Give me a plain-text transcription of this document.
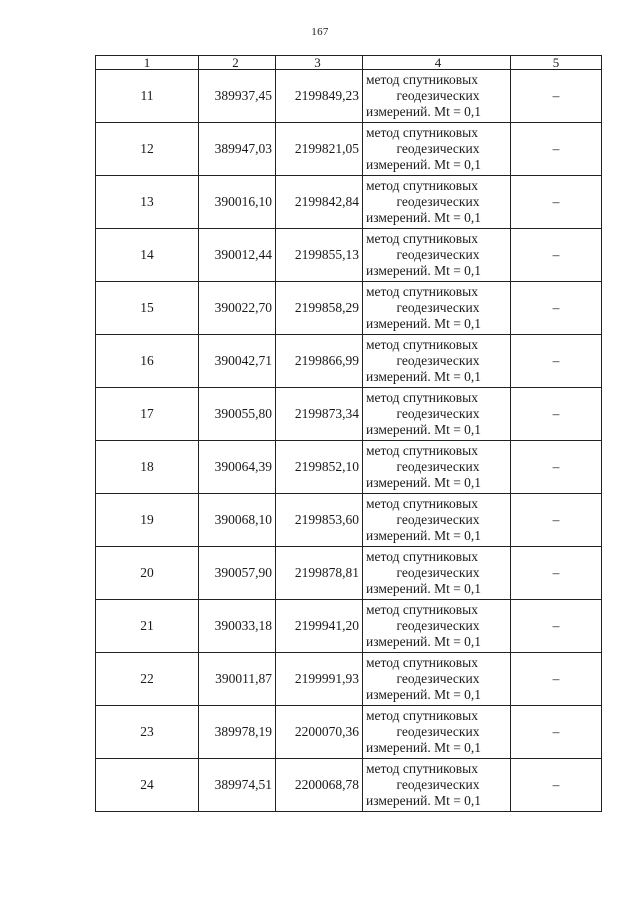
167
1	2	3	4	5
11	389937,45	2199849,23	метод спутниковых
геодезических
измерений. Mt = 0,1	–
12	389947,03	2199821,05	метод спутниковых
геодезических
измерений. Mt = 0,1	–
13	390016,10	2199842,84	метод спутниковых
геодезических
измерений. Mt = 0,1	–
14	390012,44	2199855,13	метод спутниковых
геодезических
измерений. Mt = 0,1	–
15	390022,70	2199858,29	метод спутниковых
геодезических
измерений. Mt = 0,1	–
16	390042,71	2199866,99	метод спутниковых
геодезических
измерений. Mt = 0,1	–
17	390055,80	2199873,34	метод спутниковых
геодезических
измерений. Mt = 0,1	–
18	390064,39	2199852,10	метод спутниковых
геодезических
измерений. Mt = 0,1	–
19	390068,10	2199853,60	метод спутниковых
геодезических
измерений. Mt = 0,1	–
20	390057,90	2199878,81	метод спутниковых
геодезических
измерений. Mt = 0,1	–
21	390033,18	2199941,20	метод спутниковых
геодезических
измерений. Mt = 0,1	–
22	390011,87	2199991,93	метод спутниковых
геодезических
измерений. Mt = 0,1	–
23	389978,19	2200070,36	метод спутниковых
геодезических
измерений. Mt = 0,1	–
24	389974,51	2200068,78	метод спутниковых
геодезических
измерений. Mt = 0,1	–
